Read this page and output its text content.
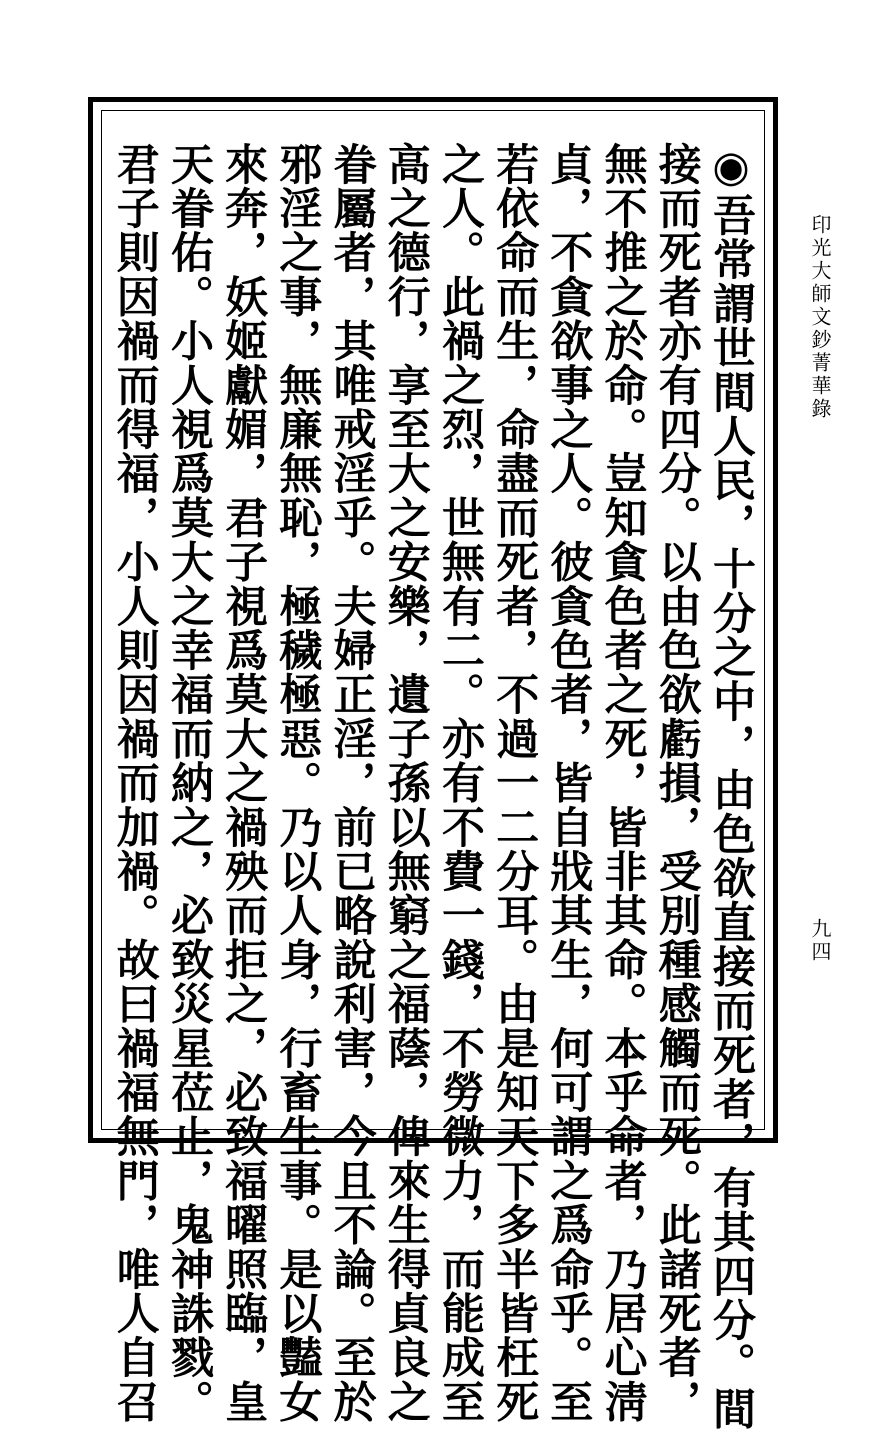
印光大師文鈔菁華錄
◉吾常謂世間人民，十分之中，由色欲直接而死者，有其四分。間
接而死者亦有四分。以由色欲虧損，受別種感觸而死。此諸死者，
無不推之於命。豈知貪色者之死，皆非其命。本乎命者，乃居心淸
貞，不貪欲事之人。彼貪色者，皆自戕其生，何可謂之爲命乎。至
若依命而生，命盡而死者，不過一二分耳。由是知天下多半皆枉死
之人。此禍之烈，世無有二。亦有不費一錢，不勞微力，而能成至
高之德行，享至大之安樂，遺子孫以無窮之福蔭，俾來生得貞良之
眷屬者，其唯戒淫乎。夫婦正淫，前已略說利害，今且不論。至於
邪淫之事，無廉無恥，極穢極惡。乃以人身，行畜生事。是以豔女
來奔，妖姬獻媚，君子視爲莫大之禍殃而拒之，必致福曜照臨，皇
天眷佑。小人視爲莫大之幸福而納之，必致災星莅止，鬼神誅戮。
君子則因禍而得福，小人則因禍而加禍。故曰禍福無門，唯人自召	九四
